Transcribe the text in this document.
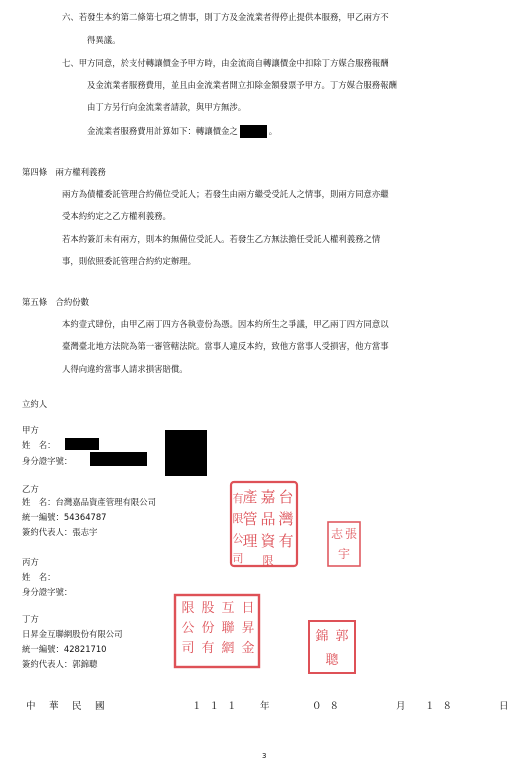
六、若發生本約第二條第七項之情事，則丁方及金流業者得停止提供本服務，甲乙兩方不
得異議。
七、甲方同意，於支付轉讓價金予甲方時，由金流商自轉讓價金中扣除丁方媒合服務報酬
及金流業者服務費用，並且由金流業者開立扣除金額發票予甲方。丁方媒合服務報酬
由丁方另行向金流業者請款，與甲方無涉。
金流業者服務費用計算如下：轉讓價金之	。
第四條　兩方權利義務
兩方為債權委託管理合約備位受託人；若發生由兩方繼受受託人之情事，則兩方同意亦繼
受本約約定之乙方權利義務。
若本約簽訂未有兩方，則本約無備位受託人。若發生乙方無法擔任受託人權利義務之情
事，則依照委託管理合約約定辦理。
第五條　合約份數
本約壹式肆份，由甲乙兩丁四方各執壹份為憑。因本約所生之爭議，甲乙兩丁四方同意以
臺灣臺北地方法院為第一審管轄法院。當事人違反本約，致他方當事人受損害，他方當事
人得向違約當事人請求損害賠償。
立約人
甲方
姓　名：
身分證字號：
乙方
姓　名：台灣嘉品資產管理有限公司
統一編號：54364787
簽約代表人：張志宇
丙方
姓　名：
身分證字號：
丁方
日昇金互聯網股份有限公司
統一編號：42821710
簽約代表人：郭錦聰
台
灣
嘉
品
資
產
管
理
有
限
公
司
有
限
張
志
宇
日
昇
金
互
聯
網
股
份
有
限
公
司
郭
錦
聰
中 華 民 國	１１１ 年	０８	月 １８	日
3
